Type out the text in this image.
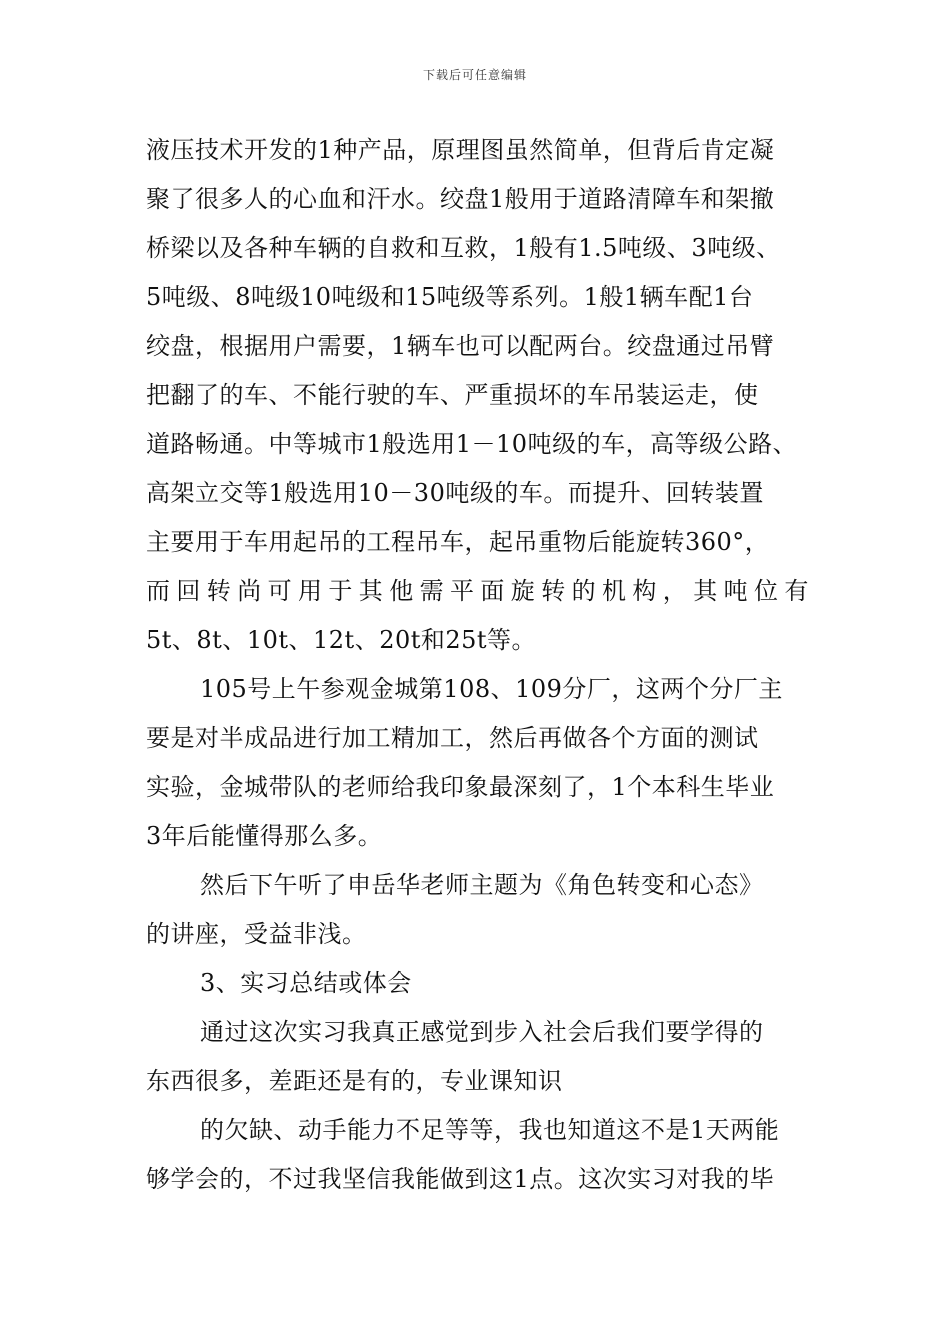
下载后可任意编辑
液压技术开发的1种产品，原理图虽然简单，但背后肯定凝
聚了很多人的心血和汗水。绞盘1般用于道路清障车和架撤
桥梁以及各种车辆的自救和互救，1般有1.5吨级、3吨级、
5吨级、8吨级10吨级和15吨级等系列。1般1辆车配1台
绞盘，根据用户需要，1辆车也可以配两台。绞盘通过吊臂
把翻了的车、不能行驶的车、严重损坏的车吊装运走，使
道路畅通。中等城市1般选用1－10吨级的车，高等级公路、
高架立交等1般选用10－30吨级的车。而提升、回转装置
主要用于车用起吊的工程吊车，起吊重物后能旋转360°，
而回转尚可用于其他需平面旋转的机构，其吨位有
5t、8t、10t、12t、20t和25t等。
105号上午参观金城第108、109分厂，这两个分厂主
要是对半成品进行加工精加工，然后再做各个方面的测试
实验，金城带队的老师给我印象最深刻了，1个本科生毕业
3年后能懂得那么多。
然后下午听了申岳华老师主题为《角色转变和心态》
的讲座，受益非浅。
3、实习总结或体会
通过这次实习我真正感觉到步入社会后我们要学得的
东西很多，差距还是有的，专业课知识
的欠缺、动手能力不足等等，我也知道这不是1天两能
够学会的，不过我坚信我能做到这1点。这次实习对我的毕
